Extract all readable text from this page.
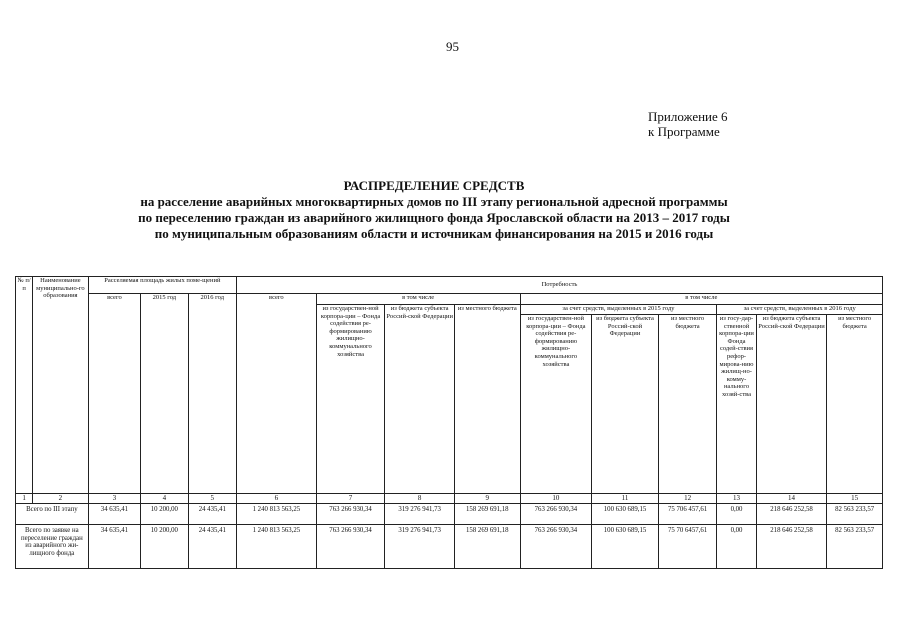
95
Приложение 6
к Программе
РАСПРЕДЕЛЕНИЕ СРЕДСТВ
на расселение аварийных многоквартирных домов по III этапу региональной адресной программы
по переселению граждан из аварийного жилищного фонда Ярославской области на 2013 – 2017 годы
по муниципальным образованиям области и источникам финансирования на 2015 и 2016 годы
№ п/п	Наименование муниципально-го образования	Расселяемая площадь жилых поме-щений			Потребность									
		всего	2015 год	2016 год	всего	в том числе			в том числе					
						из государствен-ной корпора-ции – Фонда содействия ре-формированию жилищно-коммунального хозяйства	из бюджета субъекта Россий-ской Федерации	из местного бюджета	за счет средств, выделенных в 2015 году			за счет средств, выделенных в 2016 году		
									из государствен-ной корпора-ции – Фонда содействия ре-формированию жилищно-коммунального хозяйства	из бюджета субъекта Россий-ской Федерации	из местного бюджета	из госу-дар-ственной корпора-ции Фонда содей-ствия рефор-мирова-нию жилищ-но-комму-нального хозяй-ства	из бюджета субъекта Россий-ской Федерации	из местного бюджета

1	2	3	4	5	6	7	8	9	10	11	12	13	14	15
Всего по III этапу		34 635,41	10 200,00	24 435,41	1 240 813 563,25	763 266 930,34	319 276 941,73	158 269 691,18	763 266 930,34	100 630 689,15	75 706 457,61	0,00	218 646 252,58	82 563 233,57
Всего по заявке на переселение граждан из аварийного жи-лищного фонда		34 635,41	10 200,00	24 435,41	1 240 813 563,25	763 266 930,34	319 276 941,73	158 269 691,18	763 266 930,34	100 630 689,15	75 70 6457,61	0,00	218 646 252,58	82 563 233,57
